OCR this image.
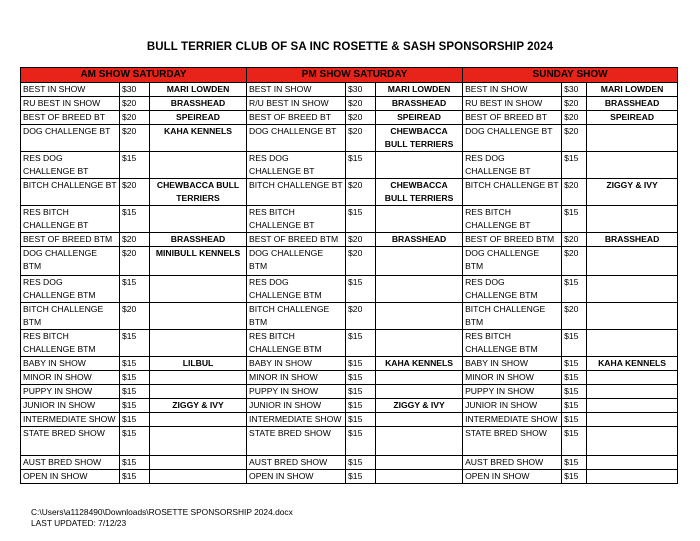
BULL TERRIER CLUB OF SA INC ROSETTE & SASH SPONSORSHIP 2024
AM SHOW SATURDAY			PM SHOW SATURDAY			SUNDAY SHOW		
BEST IN SHOW	$30	MARI LOWDEN	BEST IN SHOW	$30	MARI LOWDEN	BEST IN SHOW	$30	MARI LOWDEN
RU BEST IN SHOW	$20	BRASSHEAD	R/U BEST IN SHOW	$20	BRASSHEAD	RU BEST IN SHOW	$20	BRASSHEAD
BEST OF BREED BT	$20	SPEIREAD	BEST OF BREED BT	$20	SPEIREAD	BEST OF BREED BT	$20	SPEIREAD
DOG CHALLENGE BT	$20	KAHA KENNELS	DOG CHALLENGE BT	$20	CHEWBACCA BULL TERRIERS	DOG CHALLENGE BT	$20	
RES DOG CHALLENGE BT	$15		RES DOG CHALLENGE BT	$15		RES DOG CHALLENGE BT	$15	
BITCH CHALLENGE BT	$20	CHEWBACCA BULL TERRIERS	BITCH CHALLENGE BT	$20	CHEWBACCA BULL TERRIERS	BITCH CHALLENGE BT	$20	ZIGGY & IVY
RES BITCH CHALLENGE BT	$15		RES BITCH CHALLENGE BT	$15		RES BITCH CHALLENGE BT	$15	
BEST OF BREED BTM	$20	BRASSHEAD	BEST OF BREED BTM	$20	BRASSHEAD	BEST OF BREED BTM	$20	BRASSHEAD
DOG CHALLENGE BTM	$20	MINIBULL KENNELS	DOG CHALLENGE BTM	$20		DOG CHALLENGE BTM	$20	
RES DOG CHALLENGE BTM	$15		RES DOG CHALLENGE BTM	$15		RES DOG CHALLENGE BTM	$15	
BITCH CHALLENGE BTM	$20		BITCH CHALLENGE BTM	$20		BITCH CHALLENGE BTM	$20	
RES BITCH CHALLENGE BTM	$15		RES BITCH CHALLENGE BTM	$15		RES BITCH CHALLENGE BTM	$15	
BABY IN SHOW	$15	LILBUL	BABY IN SHOW	$15	KAHA KENNELS	BABY IN SHOW	$15	KAHA KENNELS
MINOR IN SHOW	$15		MINOR IN SHOW	$15		MINOR IN SHOW	$15	
PUPPY IN SHOW	$15		PUPPY IN SHOW	$15		PUPPY IN SHOW	$15	
JUNIOR IN SHOW	$15	ZIGGY & IVY	JUNIOR IN SHOW	$15	ZIGGY & IVY	JUNIOR IN SHOW	$15	
INTERMEDIATE SHOW	$15		INTERMEDIATE SHOW	$15		INTERMEDIATE SHOW	$15	
STATE BRED SHOW	$15		STATE BRED SHOW	$15		STATE BRED SHOW	$15	
AUST BRED SHOW	$15		AUST BRED SHOW	$15		AUST BRED SHOW	$15	
OPEN IN SHOW	$15		OPEN IN SHOW	$15		OPEN IN SHOW	$15	
C:\Users\a1128490\Downloads\ROSETTE SPONSORSHIP 2024.docx
LAST UPDATED: 7/12/23
